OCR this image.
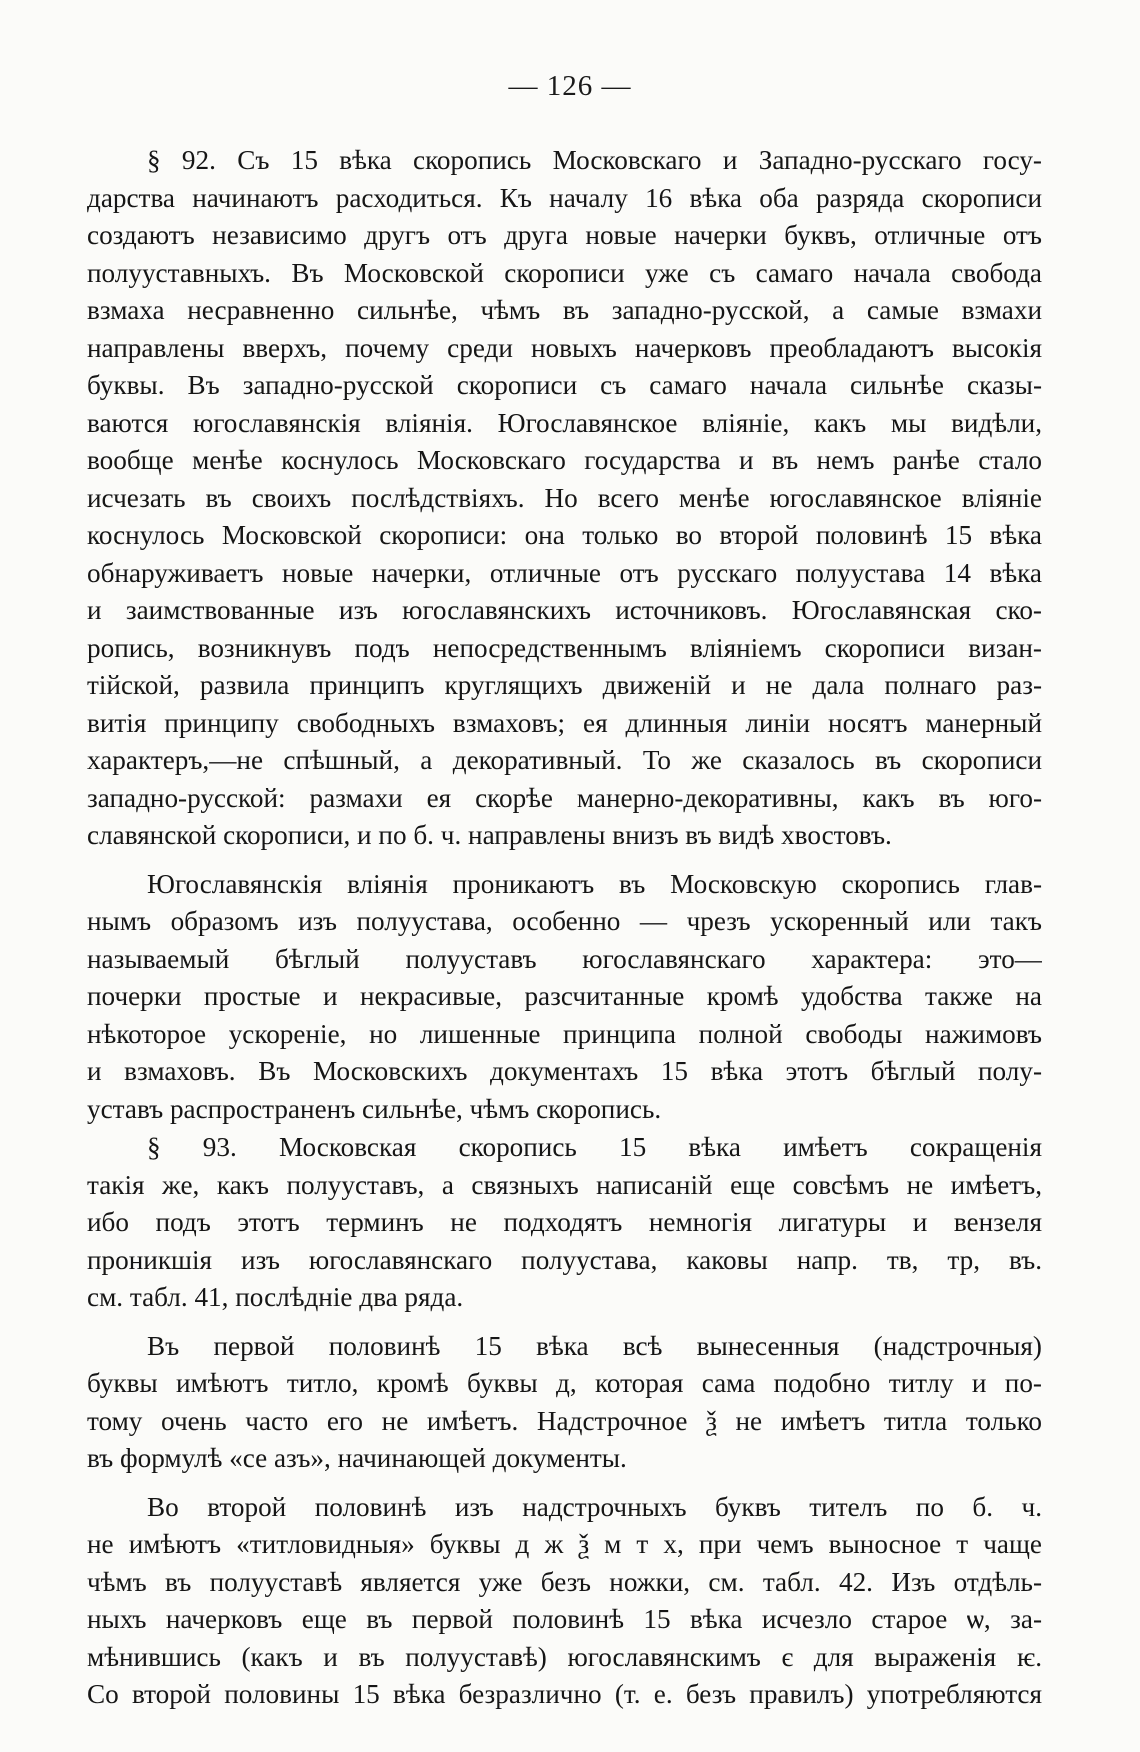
— 126 —
§ 92. Съ 15 вѣка скоропись Московскаго и Западно-русскаго госу-
дарства начинаютъ расходиться. Къ началу 16 вѣка оба разряда скорописи
создаютъ независимо другъ отъ друга новые начерки буквъ, отличные отъ
полууставныхъ. Въ Московской скорописи уже съ самаго начала свобода
взмаха несравненно сильнѣе, чѣмъ въ западно-русской, а самые взмахи
направлены вверхъ, почему среди новыхъ начерковъ преобладаютъ высокія
буквы. Въ западно-русской скорописи съ самаго начала сильнѣе сказы-
ваются югославянскія вліянія. Югославянское вліяніе, какъ мы видѣли,
вообще менѣе коснулось Московскаго государства и въ немъ ранѣе стало
исчезать въ своихъ послѣдствіяхъ. Но всего менѣе югославянское вліяніе
коснулось Московской скорописи: она только во второй половинѣ 15 вѣка
обнаруживаетъ новые начерки, отличные отъ русскаго полуустава 14 вѣка
и заимствованные изъ югославянскихъ источниковъ. Югославянская ско-
ропись, возникнувъ подъ непосредственнымъ вліяніемъ скорописи визан-
тійской, развила принципъ круглящихъ движеній и не дала полнаго раз-
витія принципу свободныхъ взмаховъ; ея длинныя линіи носятъ манерный
характеръ,—не спѣшный, а декоративный. То же сказалось въ скорописи
западно-русской: размахи ея скорѣе манерно-декоративны, какъ въ юго-
славянской скорописи, и по б. ч. направлены внизъ въ видѣ хвостовъ.
Югославянскія вліянія проникаютъ въ Московскую скоропись глав-
нымъ образомъ изъ полуустава, особенно — чрезъ ускоренный или такъ
называемый бѣглый полууставъ югославянскаго характера: это—
почерки простые и некрасивые, разсчитанные кромѣ удобства также на
нѣкоторое ускореніе, но лишенные принципа полной свободы нажимовъ
и взмаховъ. Въ Московскихъ документахъ 15 вѣка этотъ бѣглый полу-
уставъ распространенъ сильнѣе, чѣмъ скоропись.
§ 93. Московская скоропись 15 вѣка имѣетъ сокращенія
такія же, какъ полууставъ, а связныхъ написаній еще совсѣмъ не имѣетъ,
ибо подъ этотъ терминъ не подходятъ немногія лигатуры и вензеля
проникшія изъ югославянскаго полуустава, каковы напр. тв, тр, въ.
см. табл. 41, послѣдніе два ряда.
Въ первой половинѣ 15 вѣка всѣ вынесенныя (надстрочныя)
буквы имѣютъ титло, кромѣ буквы д, которая сама подобно титлу и по-
тому очень часто его не имѣетъ. Надстрочное ѯ не имѣетъ титла только
въ формулѣ «се азъ», начинающей документы.
Во второй половинѣ изъ надстрочныхъ буквъ тителъ по б. ч.
не имѣютъ «титловидныя» буквы д ж ѯ м т х, при чемъ выносное т чаще
чѣмъ въ полууставѣ является уже безъ ножки, см. табл. 42. Изъ отдѣль-
ныхъ начерковъ еще въ первой половинѣ 15 вѣка исчезло старое ѡ, за-
мѣнившись (какъ и въ полууставѣ) югославянскимъ є для выраженія ѥ.
Со второй половины 15 вѣка безразлично (т. е. безъ правилъ) употребляются
